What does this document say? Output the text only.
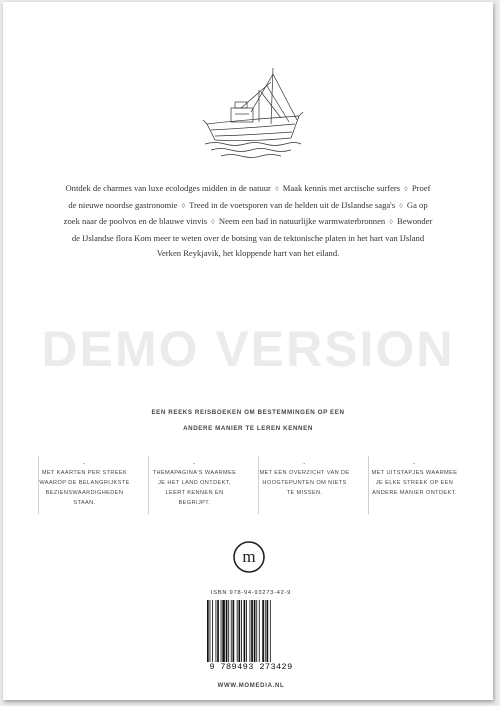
Ontdek de charmes van luxe ecolodges midden in de natuur ◊ Maak kennis met arctische surfers ◊ Proef de nieuwe noordse gastronomie ◊ Treed in de voetsporen van de helden uit de IJslandse saga's ◊ Ga op zoek naar de poolvos en de blauwe vinvis ◊ Neem een bad in natuurlijke warmwaterbronnen ◊ Bewonder de IJslandse flora Kom meer te weten over de botsing van de tektonische platen in het hart van IJsland Verken Reykjavik, het kloppende hart van het eiland.
DEMO VERSION
EEN REEKS REISBOEKEN OM BESTEMMINGEN OP EEN
ANDERE MANIER TE LEREN KENNEN
-
MET KAARTEN PER STREEK WAAROP DE BELANGRIJKSTE BEZIENSWAARDIGHEDEN STAAN.
-
THEMAPAGINA'S WAARMEE JE HET LAND ONTDEKT, LEERT KENNEN EN BEGRIJPT.
-
MET EEN OVERZICHT VAN DE HOOGTEPUNTEN OM NIETS TE MISSEN.
-
MET UITSTAPJES WAARMEE JE ELKE STREEK OP EEN ANDERE MANIER ONTDEKT.
m
ISBN 978-94-93273-42-9
9 789493 273429
WWW.MOMEDIA.NL
